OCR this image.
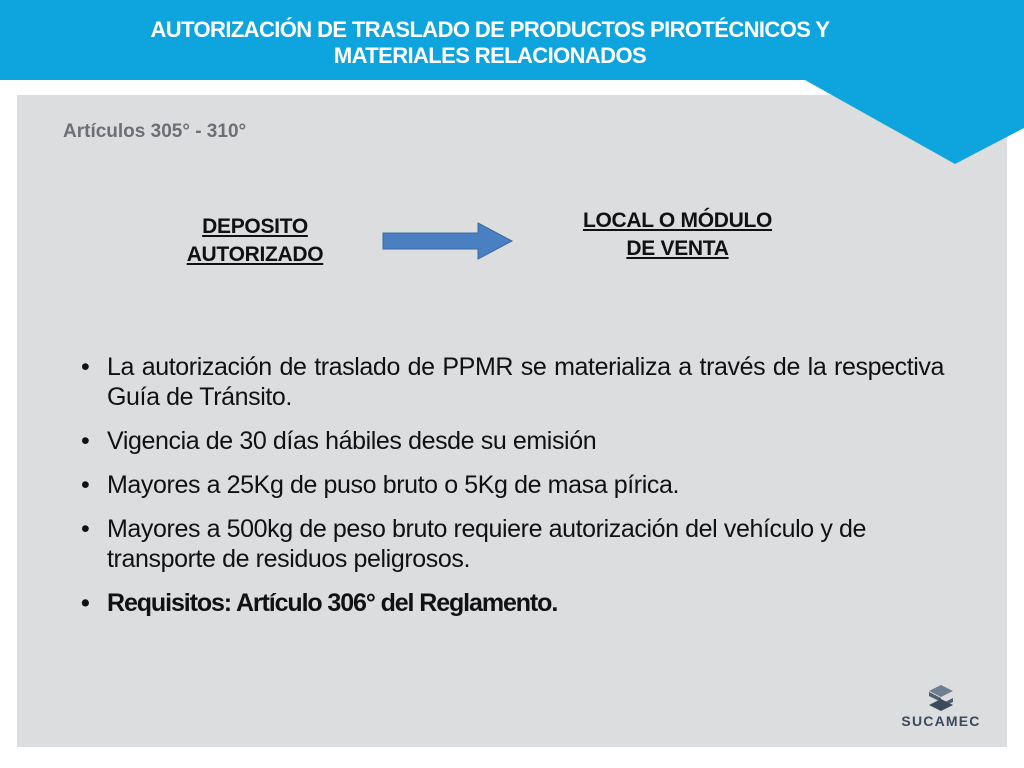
AUTORIZACIÓN DE TRASLADO DE PRODUCTOS PIROTÉCNICOS Y
MATERIALES RELACIONADOS
Artículos 305° - 310°
DEPOSITO
AUTORIZADO
LOCAL O MÓDULO
DE VENTA
• La autorización de traslado de PPMR se materializa a través de la respectiva Guía de Tránsito.
• Vigencia de 30 días hábiles desde su emisión
• Mayores a 25Kg de puso bruto o 5Kg de masa pírica.
• Mayores a 500kg de peso bruto requiere autorización del vehículo y de transporte de residuos peligrosos.
• Requisitos: Artículo 306° del Reglamento.
SUCAMEC
